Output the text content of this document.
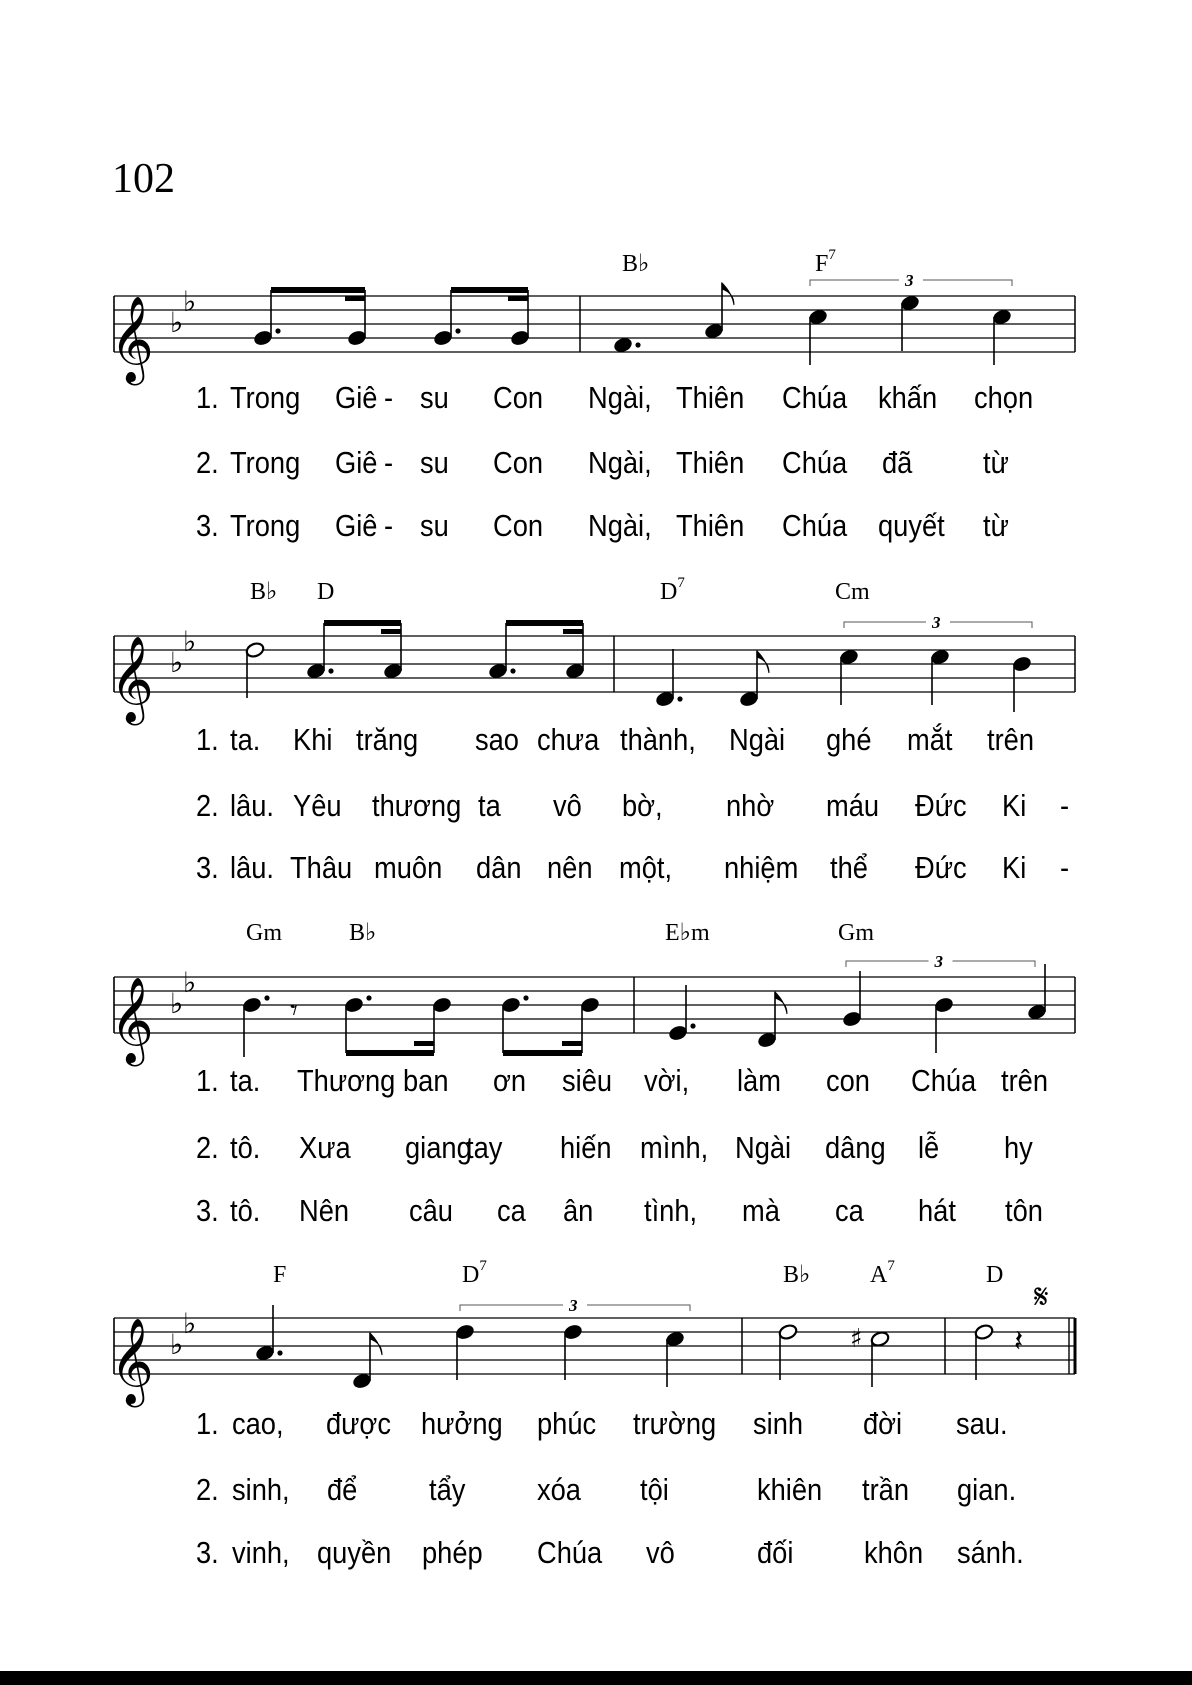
102
𝄞 ♭
♭
3
𝄞 ♭
♭
3
𝄞 ♭
♭
𝄾
3
𝄞 ♭
♭
3
♯	𝄽
𝄋
B♭	$F^7$
1. Trong Giê - su Con Ngài, Thiên Chúa khấn chọn
2. Trong Giê - su Con Ngài, Thiên Chúa đã từ
3. Trong Giê - su Con Ngài, Thiên Chúa quyết từ
B♭ D	$D^7$	Cm
1. ta. Khi trăng sao chưa thành, Ngài ghé mắt trên
2. lâu. Yêu thương ta vô bờ, nhờ máu Đức Ki -
3. lâu. Thâu muôn dân nên một, nhiệm thể Đức Ki -
Gm	B♭	E♭m	Gm
1. ta. Thương ban ơn siêu vời, làm con Chúa trên
2. tô. Xưa giang
tay hiến mình, Ngài dâng lễ hy
3. tô. Nên câu ca ân tình, mà ca hát tôn
F	$D^7$	B♭ $A^7$	D
1. cao, được hưởng phúc trường sinh đời sau.
2. sinh, để tẩy xóa tội	khiên trần gian.
3. vinh, quyền phép Chúa vô	đối khôn sánh.
